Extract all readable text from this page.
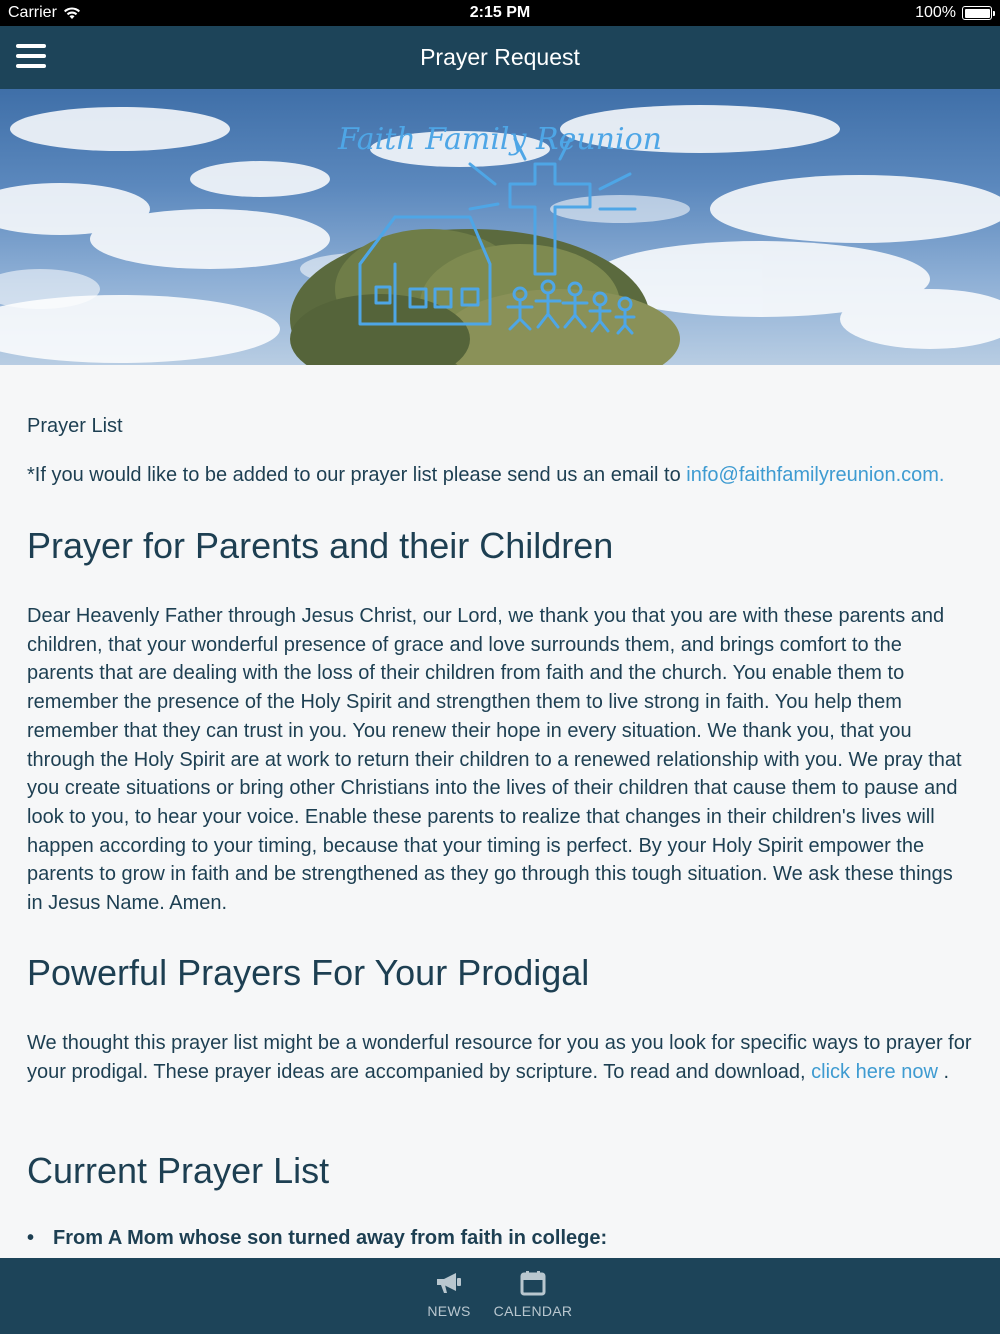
Carrier	2:15 PM	100%
Prayer Request
Faith Family Reunion
Prayer List
*If you would like to be added to our prayer list please send us an email to info@faithfamilyreunion.com.
Prayer for Parents and their Children
Dear Heavenly Father through Jesus Christ, our Lord, we thank you that you are with these parents and children, that your wonderful presence of grace and love surrounds them, and brings comfort to the parents that are dealing with the loss of their children from faith and the church. You enable them to remember the presence of the Holy Spirit and strengthen them to live strong in faith. You help them remember that they can trust in you. You renew their hope in every situation. We thank you, that you through the Holy Spirit are at work to return their children to a renewed relationship with you. We pray that you create situations or bring other Christians into the lives of their children that cause them to pause and look to you, to hear your voice. Enable these parents to realize that changes in their children's lives will happen according to your timing, because that your timing is perfect. By your Holy Spirit empower the parents to grow in faith and be strengthened as they go through this tough situation. We ask these things in Jesus Name. Amen.
Powerful Prayers For Your Prodigal
We thought this prayer list might be a wonderful resource for you as you look for specific ways to prayer for your prodigal. These prayer ideas are accompanied by scripture. To read and download, click here now .
Current Prayer List
• From A Mom whose son turned away from faith in college:
NEWS	CALENDAR
